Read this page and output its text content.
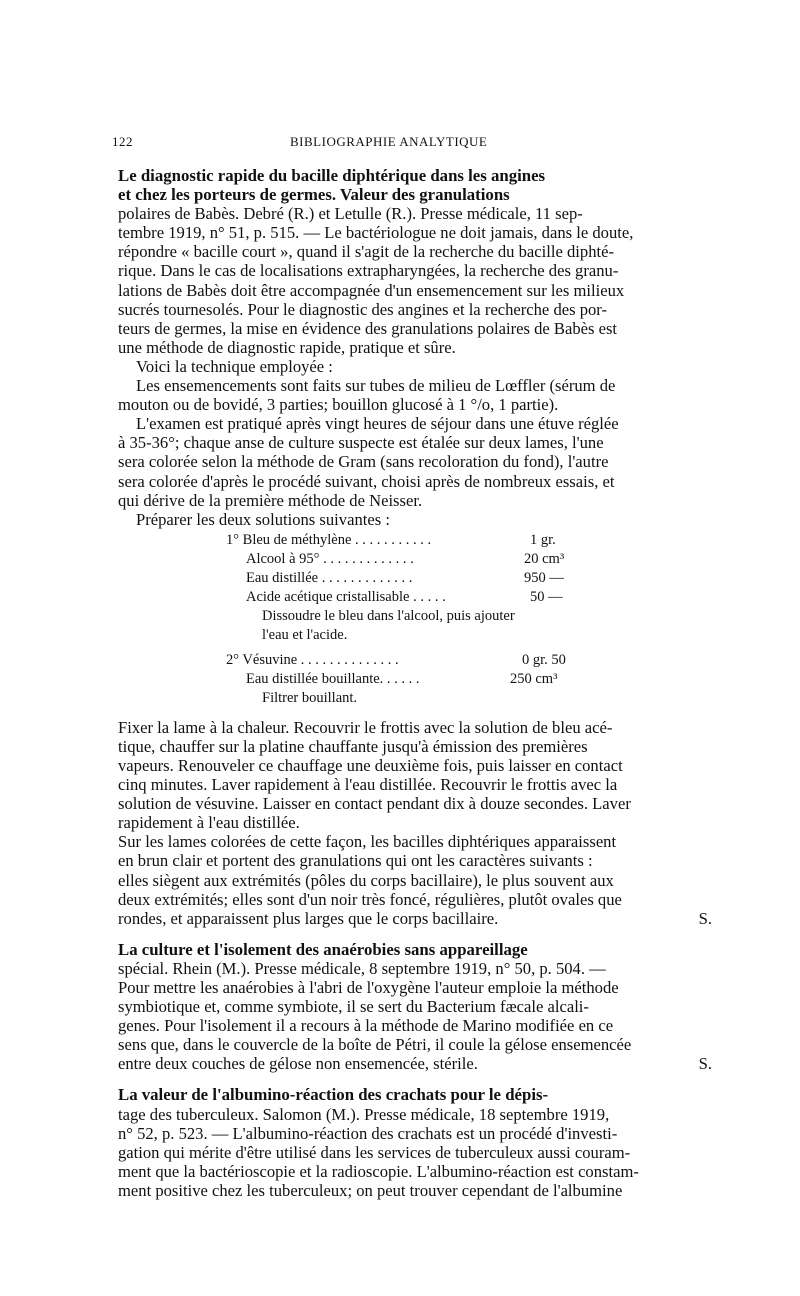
122	BIBLIOGRAPHIE ANALYTIQUE
Le diagnostic rapide du bacille diphtérique dans les angines
et chez les porteurs de germes. Valeur des granulations
polaires de Babès. Debré (R.) et Letulle (R.). Presse médicale, 11 sep-
tembre 1919, n° 51, p. 515. — Le bactériologue ne doit jamais, dans le doute,
répondre « bacille court », quand il s'agit de la recherche du bacille diphté-
rique. Dans le cas de localisations extrapharyngées, la recherche des granu-
lations de Babès doit être accompagnée d'un ensemencement sur les milieux
sucrés tournesolés. Pour le diagnostic des angines et la recherche des por-
teurs de germes, la mise en évidence des granulations polaires de Babès est
une méthode de diagnostic rapide, pratique et sûre.
Voici la technique employée :
Les ensemencements sont faits sur tubes de milieu de Lœffler (sérum de
mouton ou de bovidé, 3 parties; bouillon glucosé à 1 °/o, 1 partie).
L'examen est pratiqué après vingt heures de séjour dans une étuve réglée
à 35-36°; chaque anse de culture suspecte est étalée sur deux lames, l'une
sera colorée selon la méthode de Gram (sans recoloration du fond), l'autre
sera colorée d'après le procédé suivant, choisi après de nombreux essais, et
qui dérive de la première méthode de Neisser.
Préparer les deux solutions suivantes :
1° Bleu de méthylène . . . . . . . . . . .	1 gr.
Alcool à 95° . . . . . . . . . . . . .	20 cm³
Eau distillée . . . . . . . . . . . . .	950 —
Acide acétique cristallisable . . . . .	50 —
Dissoudre le bleu dans l'alcool, puis ajouter
l'eau et l'acide.
2° Vésuvine . . . . . . . . . . . . . .	0 gr. 50
Eau distillée bouillante. . . . . .	250 cm³
Filtrer bouillant.
Fixer la lame à la chaleur. Recouvrir le frottis avec la solution de bleu acé-
tique, chauffer sur la platine chauffante jusqu'à émission des premières
vapeurs. Renouveler ce chauffage une deuxième fois, puis laisser en contact
cinq minutes. Laver rapidement à l'eau distillée. Recouvrir le frottis avec la
solution de vésuvine. Laisser en contact pendant dix à douze secondes. Laver
rapidement à l'eau distillée.
Sur les lames colorées de cette façon, les bacilles diphtériques apparaissent
en brun clair et portent des granulations qui ont les caractères suivants :
elles siègent aux extrémités (pôles du corps bacillaire), le plus souvent aux
deux extrémités; elles sont d'un noir très foncé, régulières, plutôt ovales que
rondes, et apparaissent plus larges que le corps bacillaire.	S.
La culture et l'isolement des anaérobies sans appareillage
spécial. Rhein (M.). Presse médicale, 8 septembre 1919, n° 50, p. 504. —
Pour mettre les anaérobies à l'abri de l'oxygène l'auteur emploie la méthode
symbiotique et, comme symbiote, il se sert du Bacterium fæcale alcali-
genes. Pour l'isolement il a recours à la méthode de Marino modifiée en ce
sens que, dans le couvercle de la boîte de Pétri, il coule la gélose ensemencée
entre deux couches de gélose non ensemencée, stérile.	S.
La valeur de l'albumino-réaction des crachats pour le dépis-
tage des tuberculeux. Salomon (M.). Presse médicale, 18 septembre 1919,
n° 52, p. 523. — L'albumino-réaction des crachats est un procédé d'investi-
gation qui mérite d'être utilisé dans les services de tuberculeux aussi couram-
ment que la bactérioscopie et la radioscopie. L'albumino-réaction est constam-
ment positive chez les tuberculeux; on peut trouver cependant de l'albumine
